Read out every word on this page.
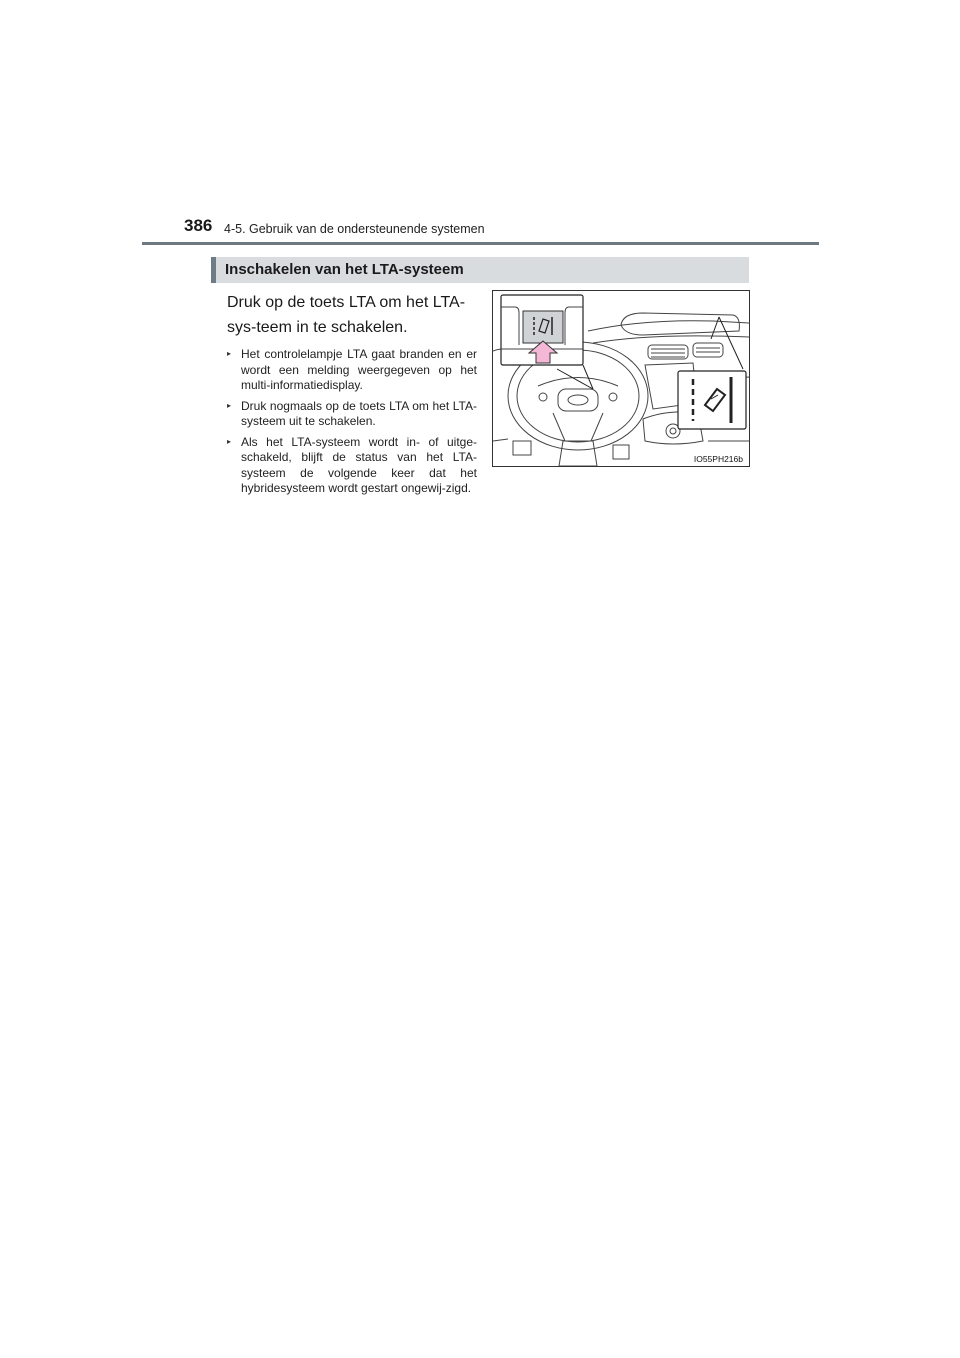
386 4-5. Gebruik van de ondersteunende systemen
Inschakelen van het LTA-systeem
Druk op de toets LTA om het LTA-sys-teem in te schakelen.
▸ Het controlelampje LTA gaat branden en er wordt een melding weergegeven op het multi-informatiedisplay.
▸ Druk nogmaals op de toets LTA om het LTA-systeem uit te schakelen.
▸ Als het LTA-systeem wordt in- of uitge-schakeld, blijft de status van het LTA-systeem de volgende keer dat het hybridesysteem wordt gestart ongewij-zigd.
IO55PH216b
